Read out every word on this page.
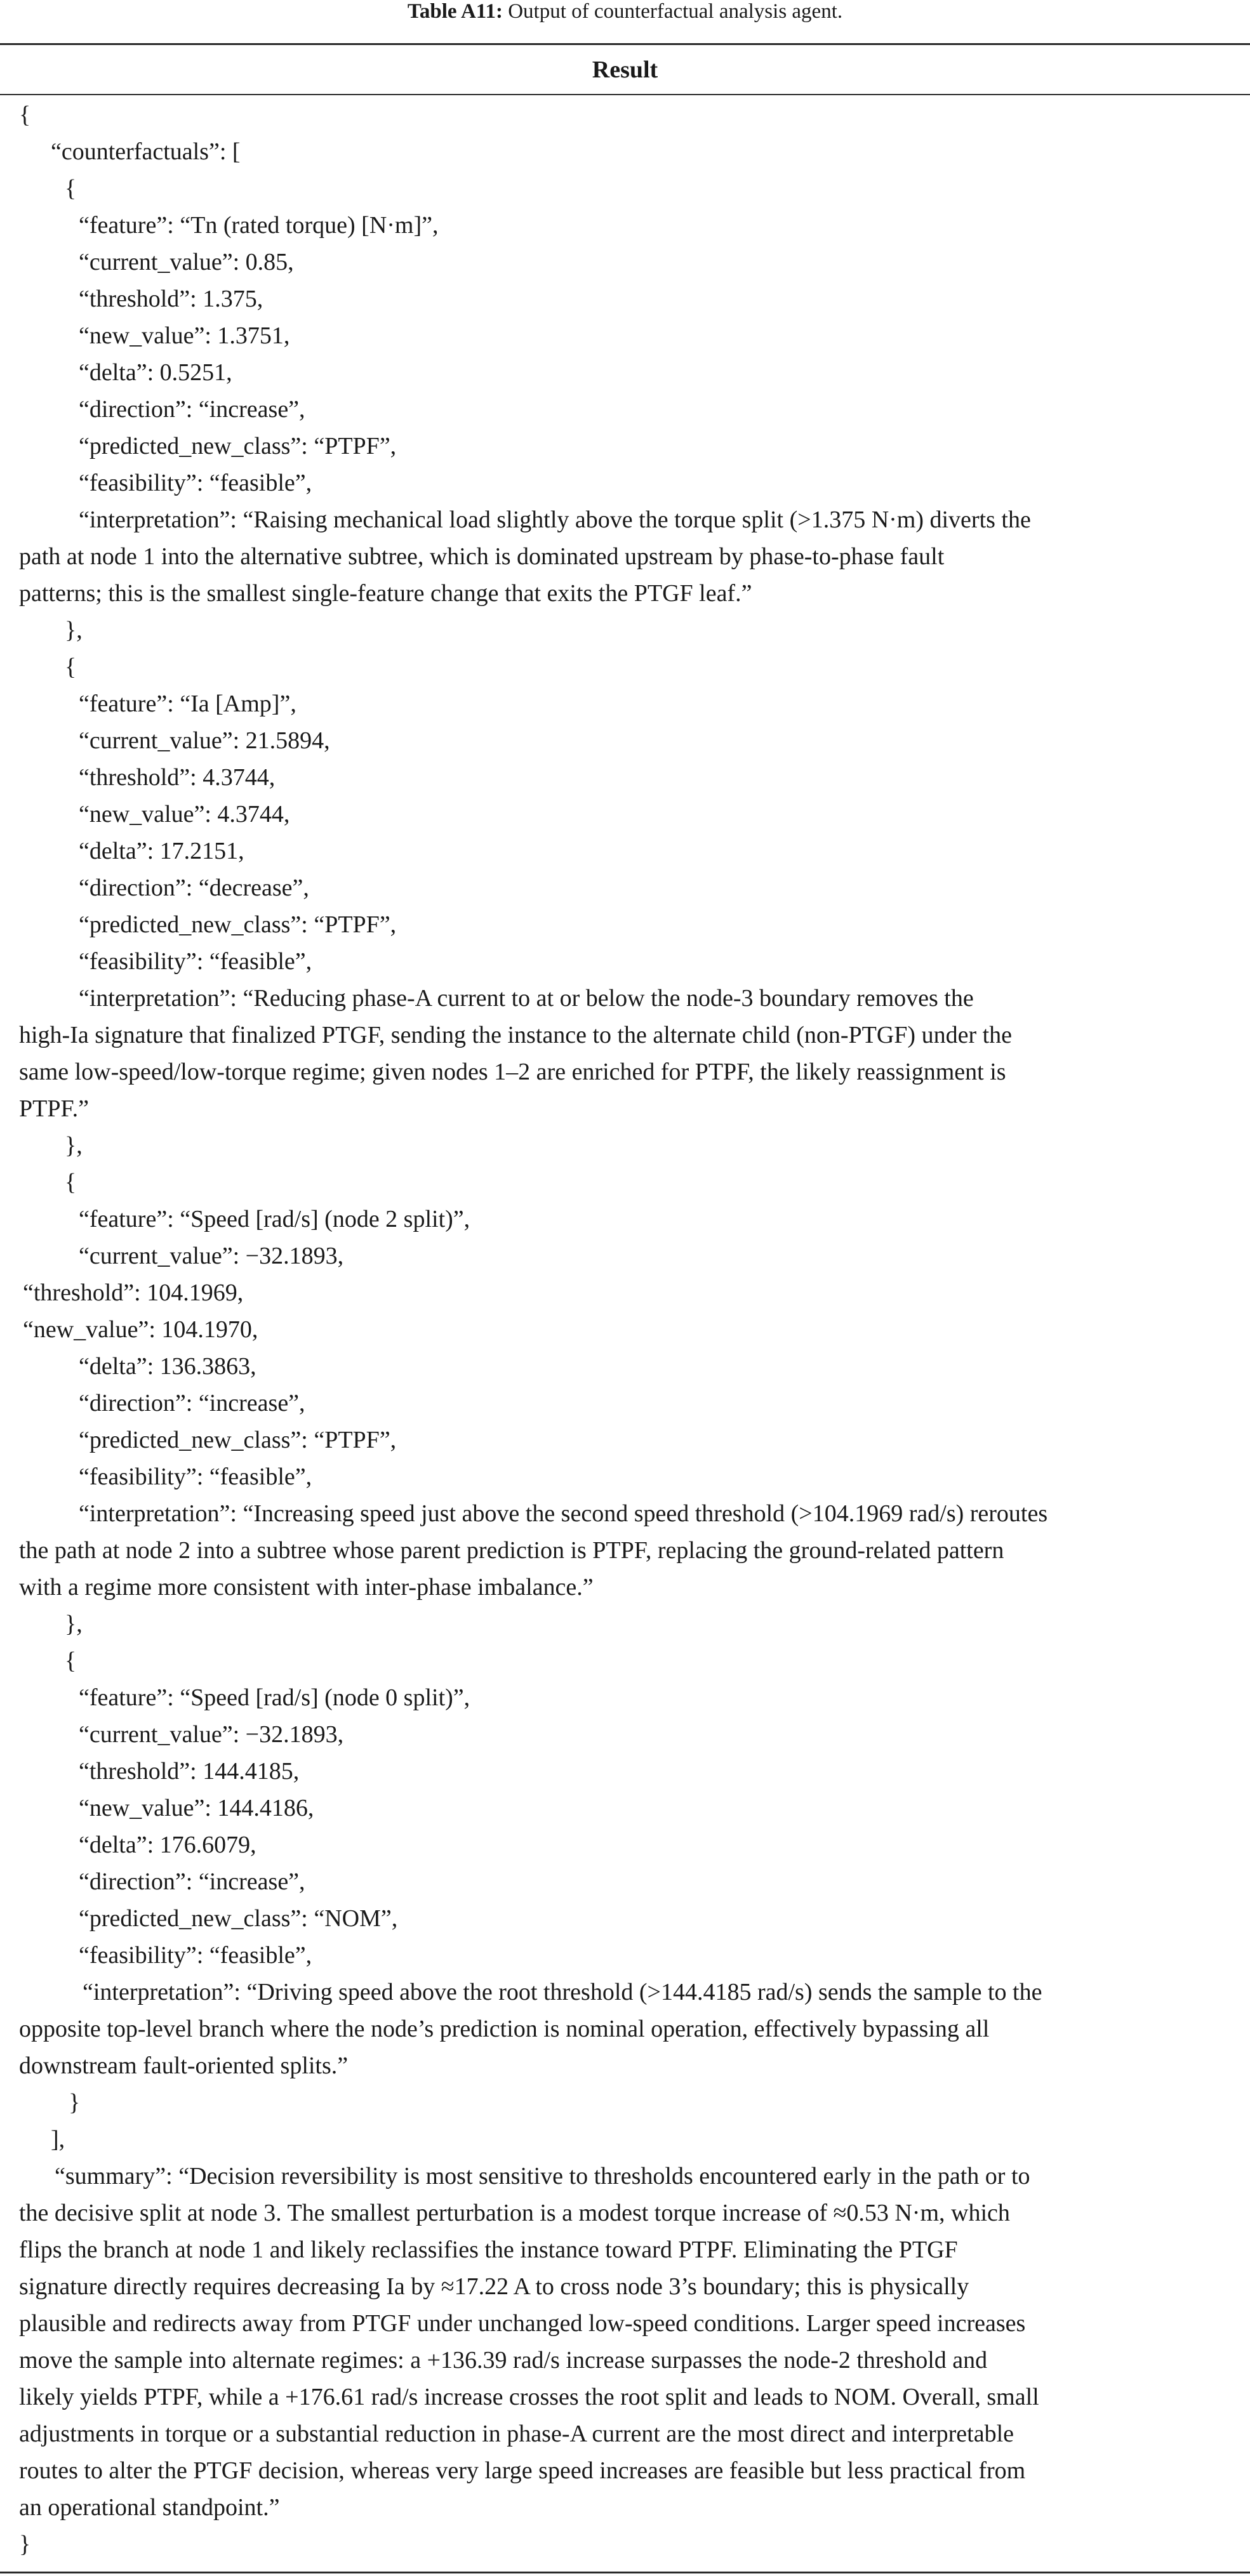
Table A11: Output of counterfactual analysis agent.
Result
{
“counterfactuals”: [
{
“feature”: “Tn (rated torque) [N·m]”,
“current_value”: 0.85,
“threshold”: 1.375,
“new_value”: 1.3751,
“delta”: 0.5251,
“direction”: “increase”,
“predicted_new_class”: “PTPF”,
“feasibility”: “feasible”,
“interpretation”: “Raising mechanical load slightly above the torque split (>1.375 N·m) diverts the
path at node 1 into the alternative subtree, which is dominated upstream by phase-to-phase fault
patterns; this is the smallest single-feature change that exits the PTGF leaf.”
},
{
“feature”: “Ia [Amp]”,
“current_value”: 21.5894,
“threshold”: 4.3744,
“new_value”: 4.3744,
“delta”: 17.2151,
“direction”: “decrease”,
“predicted_new_class”: “PTPF”,
“feasibility”: “feasible”,
“interpretation”: “Reducing phase-A current to at or below the node-3 boundary removes the
high-Ia signature that finalized PTGF, sending the instance to the alternate child (non-PTGF) under the
same low-speed/low-torque regime; given nodes 1–2 are enriched for PTPF, the likely reassignment is
PTPF.”
},
{
“feature”: “Speed [rad/s] (node 2 split)”,
“current_value”: −32.1893,
“threshold”: 104.1969,
“new_value”: 104.1970,
“delta”: 136.3863,
“direction”: “increase”,
“predicted_new_class”: “PTPF”,
“feasibility”: “feasible”,
“interpretation”: “Increasing speed just above the second speed threshold (>104.1969 rad/s) reroutes
the path at node 2 into a subtree whose parent prediction is PTPF, replacing the ground-related pattern
with a regime more consistent with inter-phase imbalance.”
},
{
“feature”: “Speed [rad/s] (node 0 split)”,
“current_value”: −32.1893,
“threshold”: 144.4185,
“new_value”: 144.4186,
“delta”: 176.6079,
“direction”: “increase”,
“predicted_new_class”: “NOM”,
“feasibility”: “feasible”,
“interpretation”: “Driving speed above the root threshold (>144.4185 rad/s) sends the sample to the
opposite top-level branch where the node’s prediction is nominal operation, effectively bypassing all
downstream fault-oriented splits.”
}
],
“summary”: “Decision reversibility is most sensitive to thresholds encountered early in the path or to
the decisive split at node 3. The smallest perturbation is a modest torque increase of ≈0.53 N·m, which
flips the branch at node 1 and likely reclassifies the instance toward PTPF. Eliminating the PTGF
signature directly requires decreasing Ia by ≈17.22 A to cross node 3’s boundary; this is physically
plausible and redirects away from PTGF under unchanged low-speed conditions. Larger speed increases
move the sample into alternate regimes: a +136.39 rad/s increase surpasses the node-2 threshold and
likely yields PTPF, while a +176.61 rad/s increase crosses the root split and leads to NOM. Overall, small
adjustments in torque or a substantial reduction in phase-A current are the most direct and interpretable
routes to alter the PTGF decision, whereas very large speed increases are feasible but less practical from
an operational standpoint.”
}
